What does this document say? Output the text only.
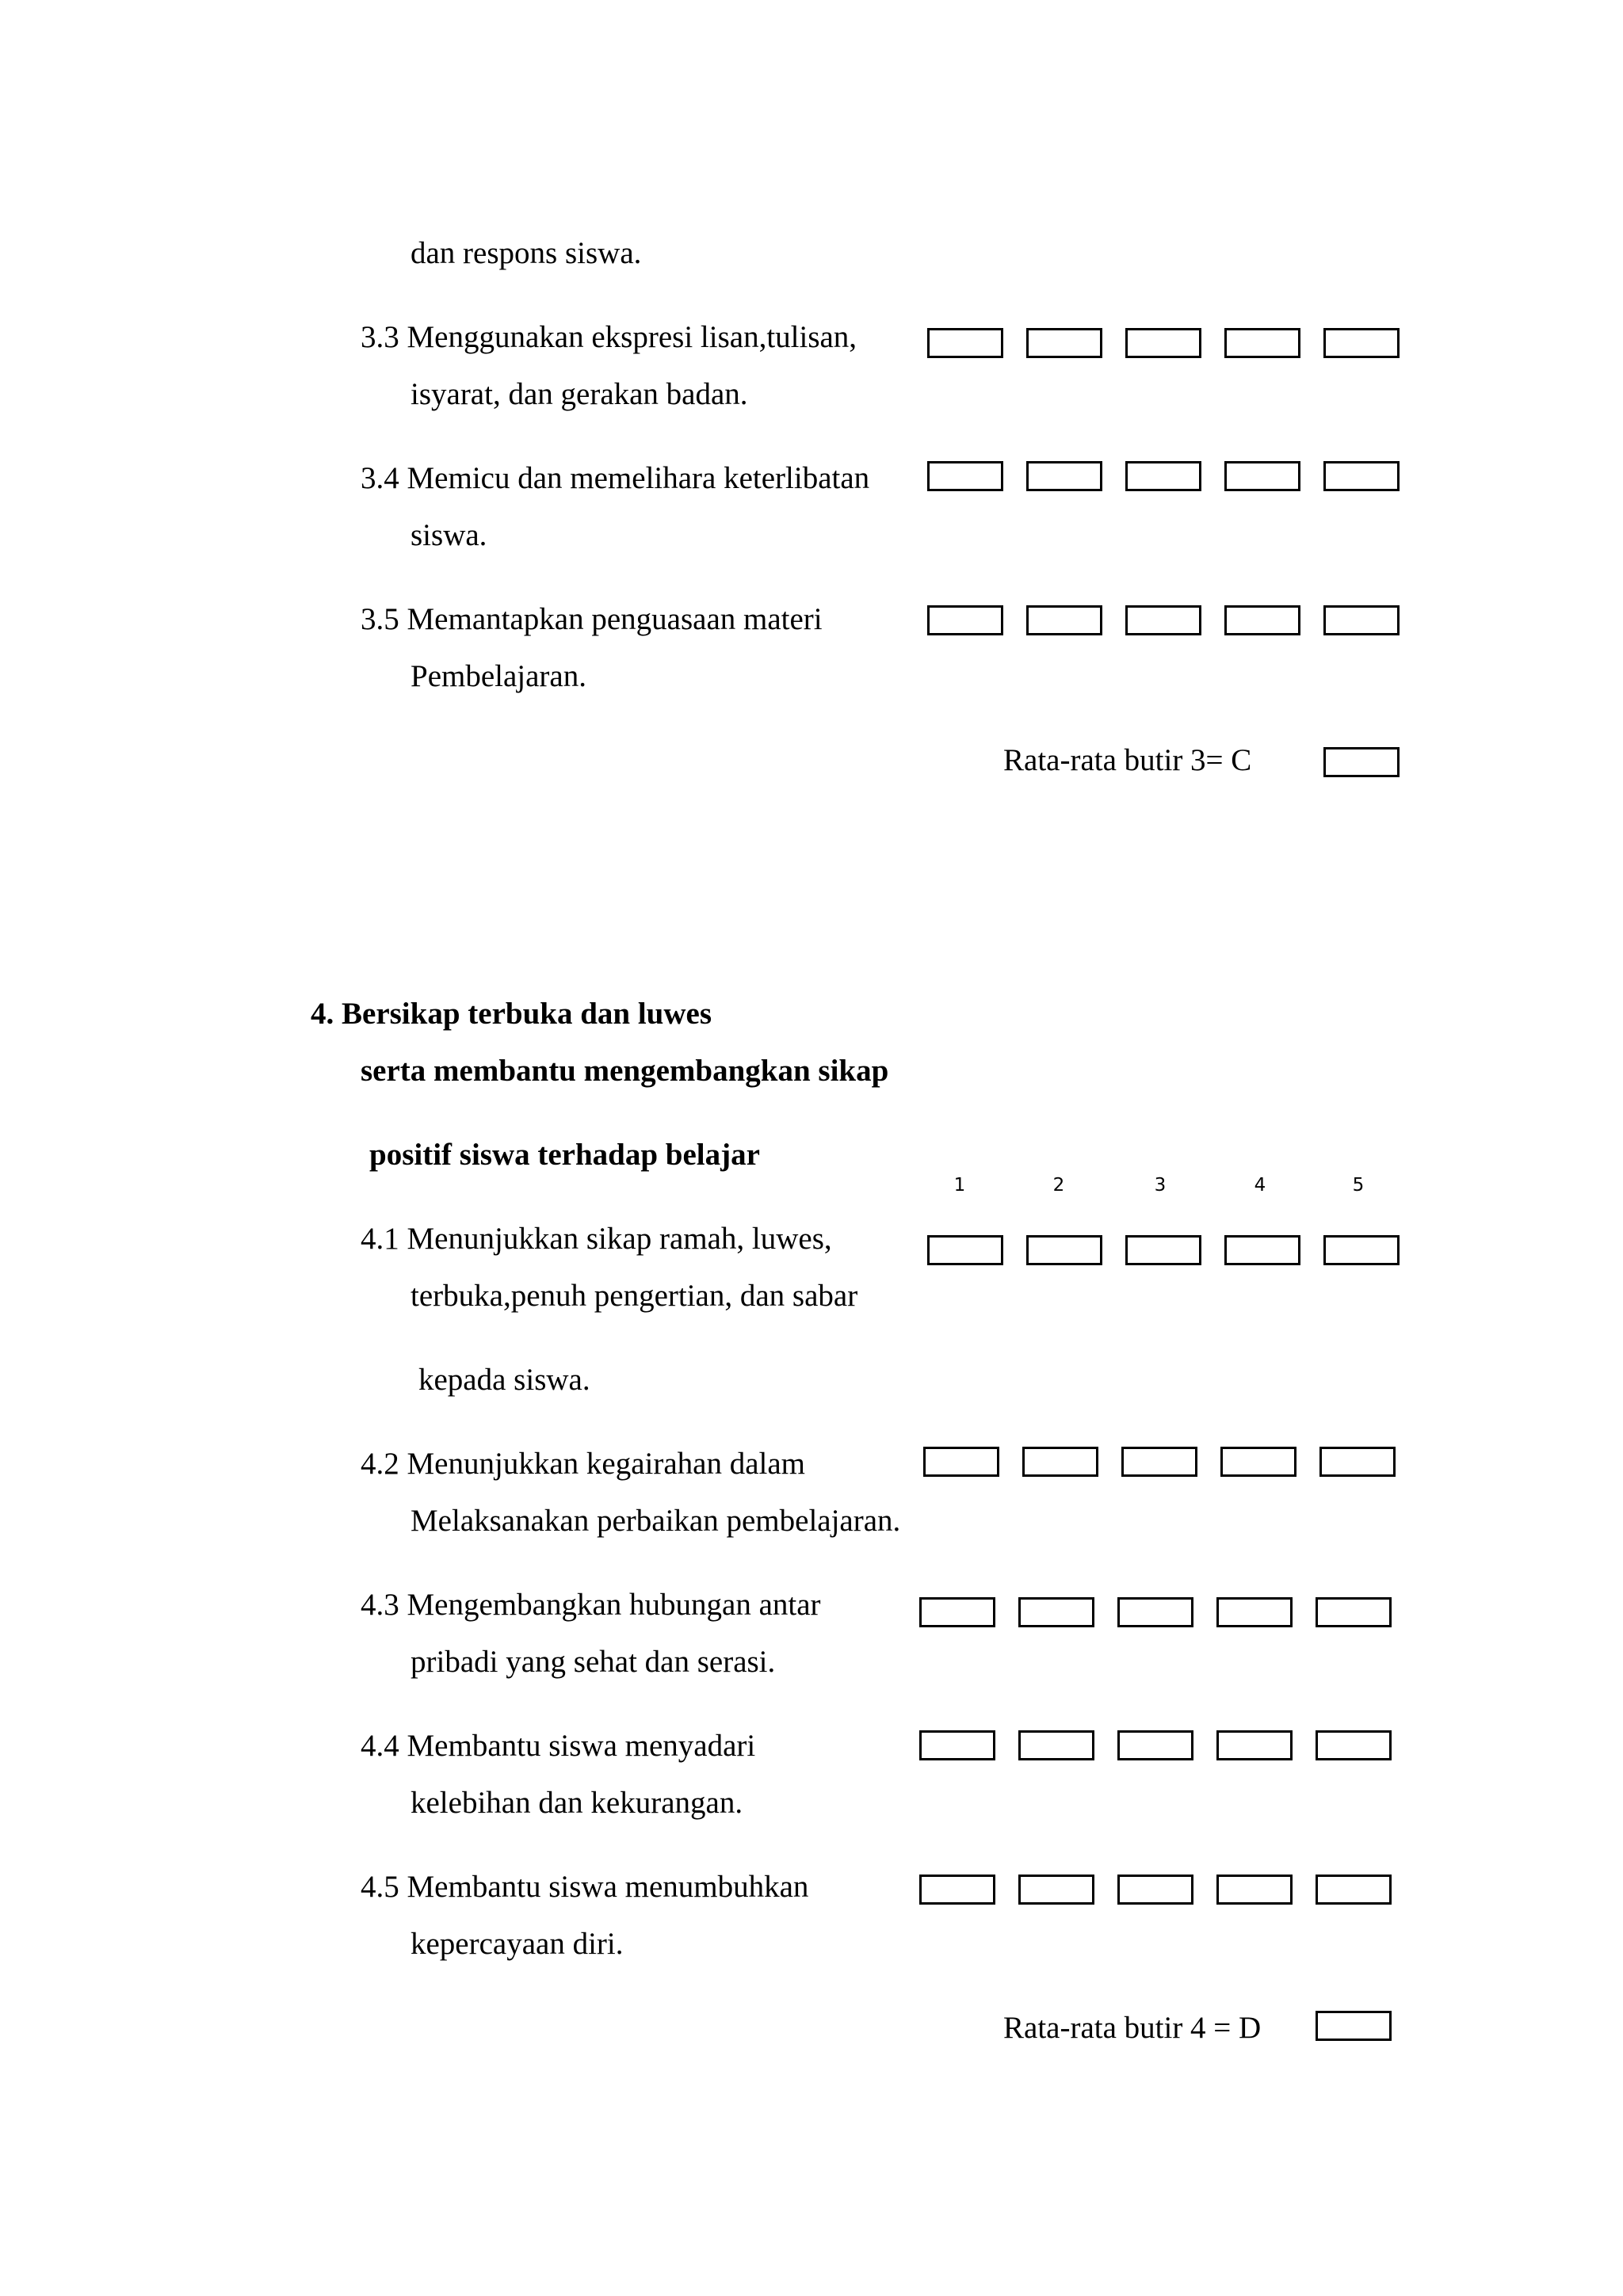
dan respons siswa.
3.3 Menggunakan ekspresi lisan,tulisan,
isyarat, dan gerakan badan.
3.4 Memicu dan memelihara keterlibatan
siswa.
3.5 Memantapkan penguasaan materi
Pembelajaran.
Rata-rata butir 3= C
4. Bersikap terbuka dan luwes
serta membantu mengembangkan sikap
positif siswa terhadap belajar
1	2	3	4	5
4.1 Menunjukkan sikap ramah, luwes,
terbuka,penuh pengertian, dan sabar
kepada siswa.
4.2 Menunjukkan kegairahan dalam
Melaksanakan perbaikan pembelajaran.
4.3 Mengembangkan hubungan antar
pribadi yang sehat dan serasi.
4.4 Membantu siswa menyadari
kelebihan dan kekurangan.
4.5 Membantu siswa menumbuhkan
kepercayaan diri.
Rata-rata butir 4 = D
